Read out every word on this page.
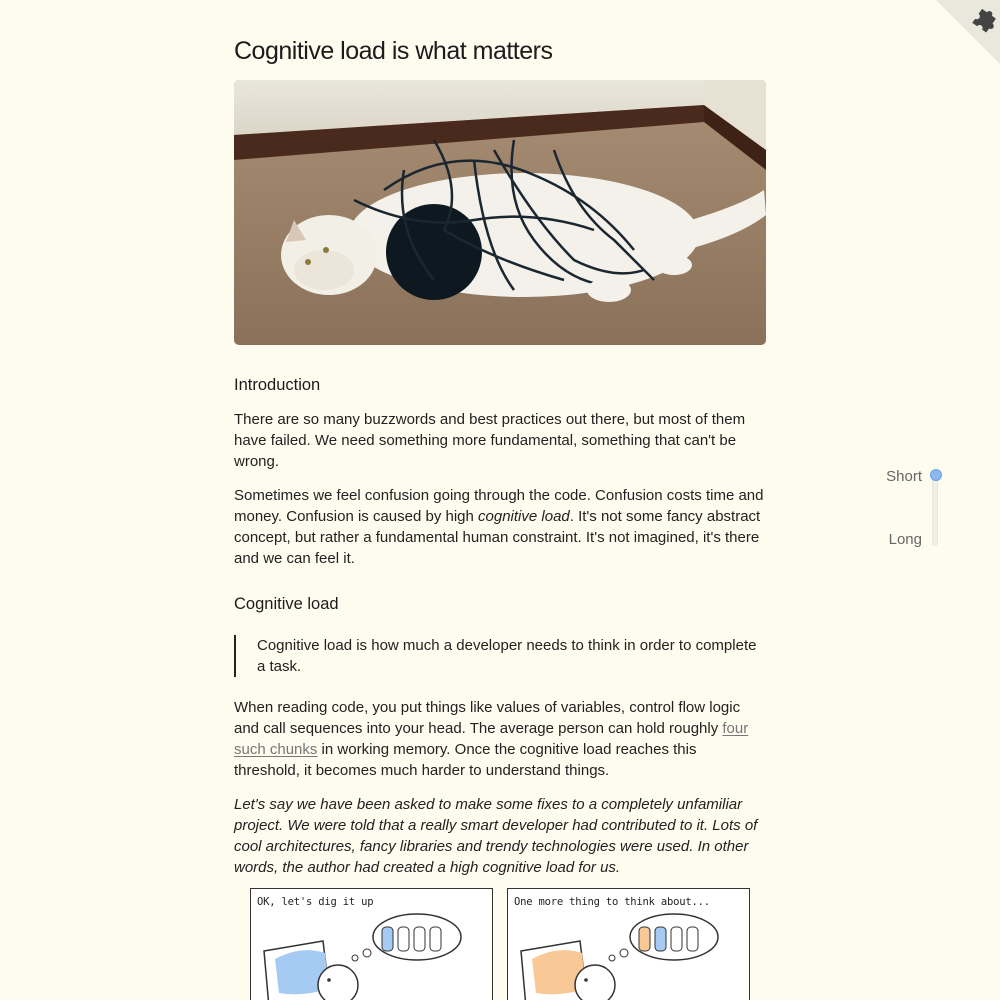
Cognitive load is what matters
Introduction

There are so many buzzwords and best practices out there, but most of them have failed. We need something more fundamental, something that can't be wrong.

Sometimes we feel confusion going through the code. Confusion costs time and money. Confusion is caused by high cognitive load. It's not some fancy abstract concept, but rather a fundamental human constraint. It's not imagined, it's there and we can feel it.

Cognitive load
Cognitive load is how much a developer needs to think in order to complete a task.

When reading code, you put things like values of variables, control flow logic and call sequences into your head. The average person can hold roughly four such chunks in working memory. Once the cognitive load reaches this threshold, it becomes much harder to understand things.

Let's say we have been asked to make some fixes to a completely unfamiliar project. We were told that a really smart developer had contributed to it. Lots of cool architectures, fancy libraries and trendy technologies were used. In other words, the author had created a high cognitive load for us.

Short
Long
OK, let's dig it up	One more thing to think about...
